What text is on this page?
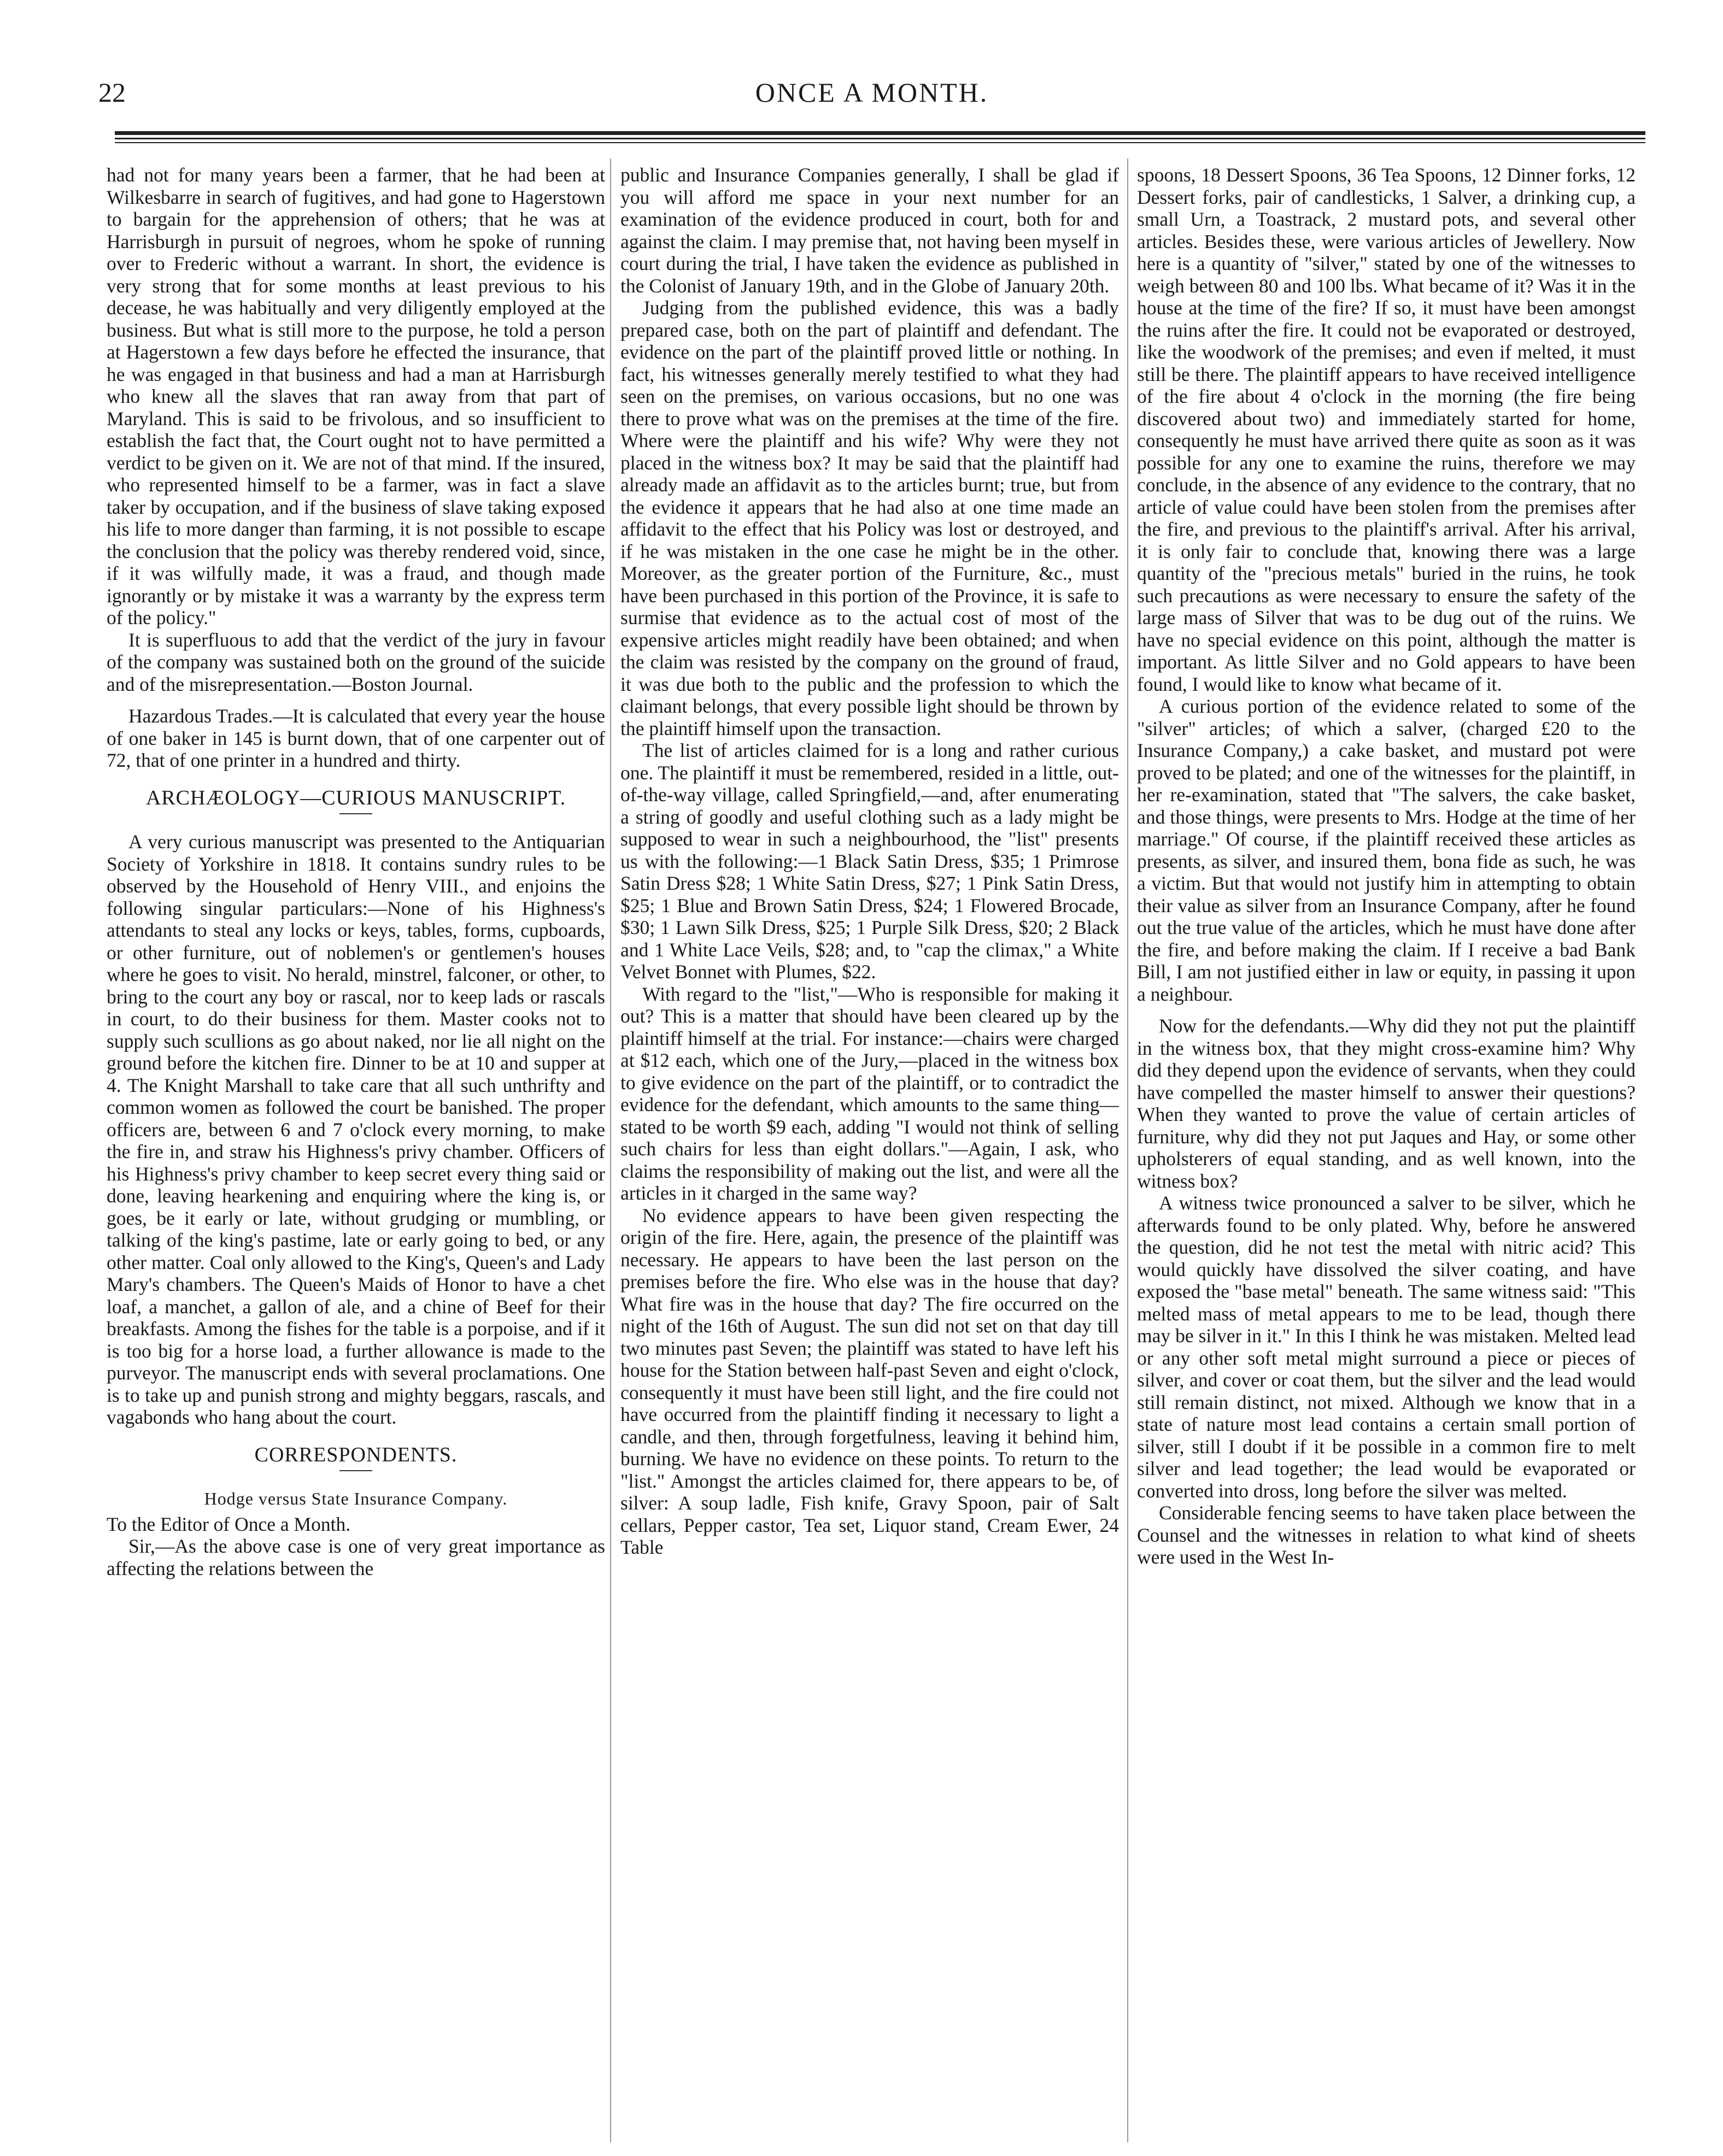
22	ONCE A MONTH.

had not for many years been a farmer, that he had been at Wilkesbarre in search of fugitives, and had gone to Hagerstown to bargain for the apprehension of others; that he was at Harrisburgh in pursuit of negroes, whom he spoke of running over to Frederic without a warrant. In short, the evidence is very strong that for some months at least previous to his decease, he was habitually and very diligently employed at the business. But what is still more to the purpose, he told a person at Hagerstown a few days before he effected the insurance, that he was engaged in that business and had a man at Harrisburgh who knew all the slaves that ran away from that part of Maryland. This is said to be frivolous, and so insufficient to establish the fact that, the Court ought not to have permitted a verdict to be given on it. We are not of that mind. If the insured, who represented himself to be a farmer, was in fact a slave taker by occupation, and if the business of slave taking exposed his life to more danger than farming, it is not possible to escape the conclusion that the policy was thereby rendered void, since, if it was wilfully made, it was a fraud, and though made ignorantly or by mistake it was a warranty by the express term of the policy."

It is superfluous to add that the verdict of the jury in favour of the company was sustained both on the ground of the suicide and of the misrepresentation.—Boston Journal.

Hazardous Trades.—It is calculated that every year the house of one baker in 145 is burnt down, that of one carpenter out of 72, that of one printer in a hundred and thirty.

ARCHÆOLOGY—CURIOUS MANUSCRIPT.

A very curious manuscript was presented to the Antiquarian Society of Yorkshire in 1818. It contains sundry rules to be observed by the Household of Henry VIII., and enjoins the following singular particulars:—None of his Highness's attendants to steal any locks or keys, tables, forms, cupboards, or other furniture, out of noblemen's or gentlemen's houses where he goes to visit. No herald, minstrel, falconer, or other, to bring to the court any boy or rascal, nor to keep lads or rascals in court, to do their business for them. Master cooks not to supply such scullions as go about naked, nor lie all night on the ground before the kitchen fire. Dinner to be at 10 and supper at 4. The Knight Marshall to take care that all such unthrifty and common women as followed the court be banished. The proper officers are, between 6 and 7 o'clock every morning, to make the fire in, and straw his Highness's privy chamber. Officers of his Highness's privy chamber to keep secret every thing said or done, leaving hearkening and enquiring where the king is, or goes, be it early or late, without grudging or mumbling, or talking of the king's pastime, late or early going to bed, or any other matter. Coal only allowed to the King's, Queen's and Lady Mary's chambers. The Queen's Maids of Honor to have a chet loaf, a manchet, a gallon of ale, and a chine of Beef for their breakfasts. Among the fishes for the table is a porpoise, and if it is too big for a horse load, a further allowance is made to the purveyor. The manuscript ends with several proclamations. One is to take up and punish strong and mighty beggars, rascals, and vagabonds who hang about the court.

CORRESPONDENTS.
Hodge versus State Insurance Company.

To the Editor of Once a Month.

Sir,—As the above case is one of very great importance as affecting the relations between the

public and Insurance Companies generally, I shall be glad if you will afford me space in your next number for an examination of the evidence produced in court, both for and against the claim. I may premise that, not having been myself in court during the trial, I have taken the evidence as published in the Colonist of January 19th, and in the Globe of January 20th.

Judging from the published evidence, this was a badly prepared case, both on the part of plaintiff and defendant. The evidence on the part of the plaintiff proved little or nothing. In fact, his witnesses generally merely testified to what they had seen on the premises, on various occasions, but no one was there to prove what was on the premises at the time of the fire. Where were the plaintiff and his wife? Why were they not placed in the witness box? It may be said that the plaintiff had already made an affidavit as to the articles burnt; true, but from the evidence it appears that he had also at one time made an affidavit to the effect that his Policy was lost or destroyed, and if he was mistaken in the one case he might be in the other. Moreover, as the greater portion of the Furniture, &c., must have been purchased in this portion of the Province, it is safe to surmise that evidence as to the actual cost of most of the expensive articles might readily have been obtained; and when the claim was resisted by the company on the ground of fraud, it was due both to the public and the profession to which the claimant belongs, that every possible light should be thrown by the plaintiff himself upon the transaction.

The list of articles claimed for is a long and rather curious one. The plaintiff it must be remembered, resided in a little, out-of-the-way village, called Springfield,—and, after enumerating a string of goodly and useful clothing such as a lady might be supposed to wear in such a neighbourhood, the "list" presents us with the following:—1 Black Satin Dress, $35; 1 Primrose Satin Dress $28; 1 White Satin Dress, $27; 1 Pink Satin Dress, $25; 1 Blue and Brown Satin Dress, $24; 1 Flowered Brocade, $30; 1 Lawn Silk Dress, $25; 1 Purple Silk Dress, $20; 2 Black and 1 White Lace Veils, $28; and, to "cap the climax," a White Velvet Bonnet with Plumes, $22.

With regard to the "list,"—Who is responsible for making it out? This is a matter that should have been cleared up by the plaintiff himself at the trial. For instance:—chairs were charged at $12 each, which one of the Jury,—placed in the witness box to give evidence on the part of the plaintiff, or to contradict the evidence for the defendant, which amounts to the same thing—stated to be worth $9 each, adding "I would not think of selling such chairs for less than eight dollars."—Again, I ask, who claims the responsibility of making out the list, and were all the articles in it charged in the same way?

No evidence appears to have been given respecting the origin of the fire. Here, again, the presence of the plaintiff was necessary. He appears to have been the last person on the premises before the fire. Who else was in the house that day? What fire was in the house that day? The fire occurred on the night of the 16th of August. The sun did not set on that day till two minutes past Seven; the plaintiff was stated to have left his house for the Station between half-past Seven and eight o'clock, consequently it must have been still light, and the fire could not have occurred from the plaintiff finding it necessary to light a candle, and then, through forgetfulness, leaving it behind him, burning. We have no evidence on these points. To return to the "list." Amongst the articles claimed for, there appears to be, of silver: A soup ladle, Fish knife, Gravy Spoon, pair of Salt cellars, Pepper castor, Tea set, Liquor stand, Cream Ewer, 24 Table

spoons, 18 Dessert Spoons, 36 Tea Spoons, 12 Dinner forks, 12 Dessert forks, pair of candlesticks, 1 Salver, a drinking cup, a small Urn, a Toastrack, 2 mustard pots, and several other articles. Besides these, were various articles of Jewellery. Now here is a quantity of "silver," stated by one of the witnesses to weigh between 80 and 100 lbs. What became of it? Was it in the house at the time of the fire? If so, it must have been amongst the ruins after the fire. It could not be evaporated or destroyed, like the woodwork of the premises; and even if melted, it must still be there. The plaintiff appears to have received intelligence of the fire about 4 o'clock in the morning (the fire being discovered about two) and immediately started for home, consequently he must have arrived there quite as soon as it was possible for any one to examine the ruins, therefore we may conclude, in the absence of any evidence to the contrary, that no article of value could have been stolen from the premises after the fire, and previous to the plaintiff's arrival. After his arrival, it is only fair to conclude that, knowing there was a large quantity of the "precious metals" buried in the ruins, he took such precautions as were necessary to ensure the safety of the large mass of Silver that was to be dug out of the ruins. We have no special evidence on this point, although the matter is important. As little Silver and no Gold appears to have been found, I would like to know what became of it.

A curious portion of the evidence related to some of the "silver" articles; of which a salver, (charged £20 to the Insurance Company,) a cake basket, and mustard pot were proved to be plated; and one of the witnesses for the plaintiff, in her re-examination, stated that "The salvers, the cake basket, and those things, were presents to Mrs. Hodge at the time of her marriage." Of course, if the plaintiff received these articles as presents, as silver, and insured them, bona fide as such, he was a victim. But that would not justify him in attempting to obtain their value as silver from an Insurance Company, after he found out the true value of the articles, which he must have done after the fire, and before making the claim. If I receive a bad Bank Bill, I am not justified either in law or equity, in passing it upon a neighbour.

Now for the defendants.—Why did they not put the plaintiff in the witness box, that they might cross-examine him? Why did they depend upon the evidence of servants, when they could have compelled the master himself to answer their questions? When they wanted to prove the value of certain articles of furniture, why did they not put Jaques and Hay, or some other upholsterers of equal standing, and as well known, into the witness box?

A witness twice pronounced a salver to be silver, which he afterwards found to be only plated. Why, before he answered the question, did he not test the metal with nitric acid? This would quickly have dissolved the silver coating, and have exposed the "base metal" beneath. The same witness said: "This melted mass of metal appears to me to be lead, though there may be silver in it." In this I think he was mistaken. Melted lead or any other soft metal might surround a piece or pieces of silver, and cover or coat them, but the silver and the lead would still remain distinct, not mixed. Although we know that in a state of nature most lead contains a certain small portion of silver, still I doubt if it be possible in a common fire to melt silver and lead together; the lead would be evaporated or converted into dross, long before the silver was melted.

Considerable fencing seems to have taken place between the Counsel and the witnesses in relation to what kind of sheets were used in the West In-
